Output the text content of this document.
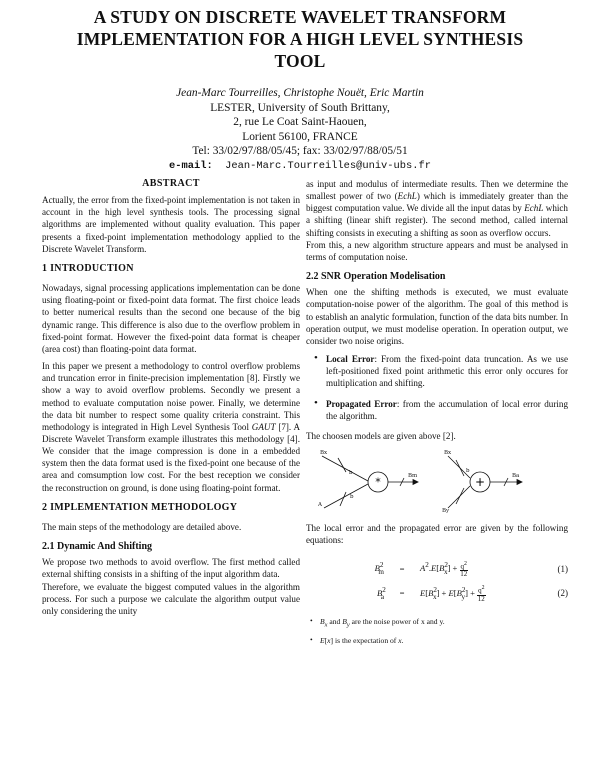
A STUDY ON DISCRETE WAVELET TRANSFORM
IMPLEMENTATION FOR A HIGH LEVEL SYNTHESIS
TOOL
Jean-Marc Tourreilles, Christophe Nouët, Eric Martin
LESTER, University of South Brittany,
2, rue Le Coat Saint-Haouen,
Lorient 56100, FRANCE
Tel: 33/02/97/88/05/45; fax: 33/02/97/88/05/51
e-mail: Jean-Marc.Tourreilles@univ-ubs.fr
ABSTRACT

Actually, the error from the fixed-point implementation is not taken in account in the high level synthesis tools. The processing signal algorithms are implemented without quality evaluation. This paper presents a fixed-point implementation methodology applied to the Discrete Wavelet Transform.

1 INTRODUCTION

Nowadays, signal processing applications implementation can be done using floating-point or fixed-point data format. The first choice leads to better numerical results than the second one because of the big dynamic range. This difference is also due to the overflow problem in fixed-point format. However the fixed-point data format is cheaper (area cost) than floating-point data format.

In this paper we present a methodology to control overflow problems and truncation error in finite-precision implementation [8]. Firstly we show a way to avoid overflow problems. Secondly we present a method to evaluate computation noise power. Finally, we determine the data bit number to respect some quality criteria constraint. This methodology is integrated in High Level Synthesis Tool GAUT [7]. A Discrete Wavelet Transform example illustrates this methodology [4]. We consider that the image compression is done in a embedded system then the data format used is the fixed-point one because of the area and comsumption low cost. For the best reception we consider the reconstruction on ground, is done using floating-point format.

2 IMPLEMENTATION METHODOLOGY

The main steps of the methodology are detailed above.

2.1 Dynamic And Shifting

We propose two methods to avoid overflow. The first method called external shifting consists in a shifting of the input algorithm data.

Therefore, we evaluate the biggest computed values in the algorithm process. For such a purpose we calculate the algorithm output value only considering the unity

as input and modulus of intermediate results. Then we determine the smallest power of two (EchL) which is immediately greater than the biggest computation value. We divide all the input datas by EchL which a shifting (linear shift register). The second method, called internal shifting consists in executing a shifting as soon as overflow occurs.

From this, a new algorithm structure appears and must be analysed in terms of computation noise.

2.2 SNR Operation Modelisation

When one the shifting methods is executed, we must evaluate computation-noise power of the algorithm. The goal of this method is to establish an analytic formulation, function of the data bits number. In operation output, we must modelise operation. In operation output, we consider two noise origins.

• Local Error: From the fixed-point data truncation. As we use left-positioned fixed point arithmetic this error only occures for multiplication and shifting.
• Propagated Error: from the accumulation of local error during the algorithm.

The choosen models are given above [2].

*	+
Bx
A
b
b
Bm
Bx
By
b
Ba

The local error and the propagated error are given by the following equations:

$B^2_m$	=	$A^2.E[B^2_x] + \frac{q^2}{12}$	(1)
$B^2_a$	=	$E[B^2_x] + E[B^2_y] + \frac{q^2}{12}$	(2)
• $B_x$ and $B_y$ are the noise power of x and y.
• E[x] is the expectation of x.
